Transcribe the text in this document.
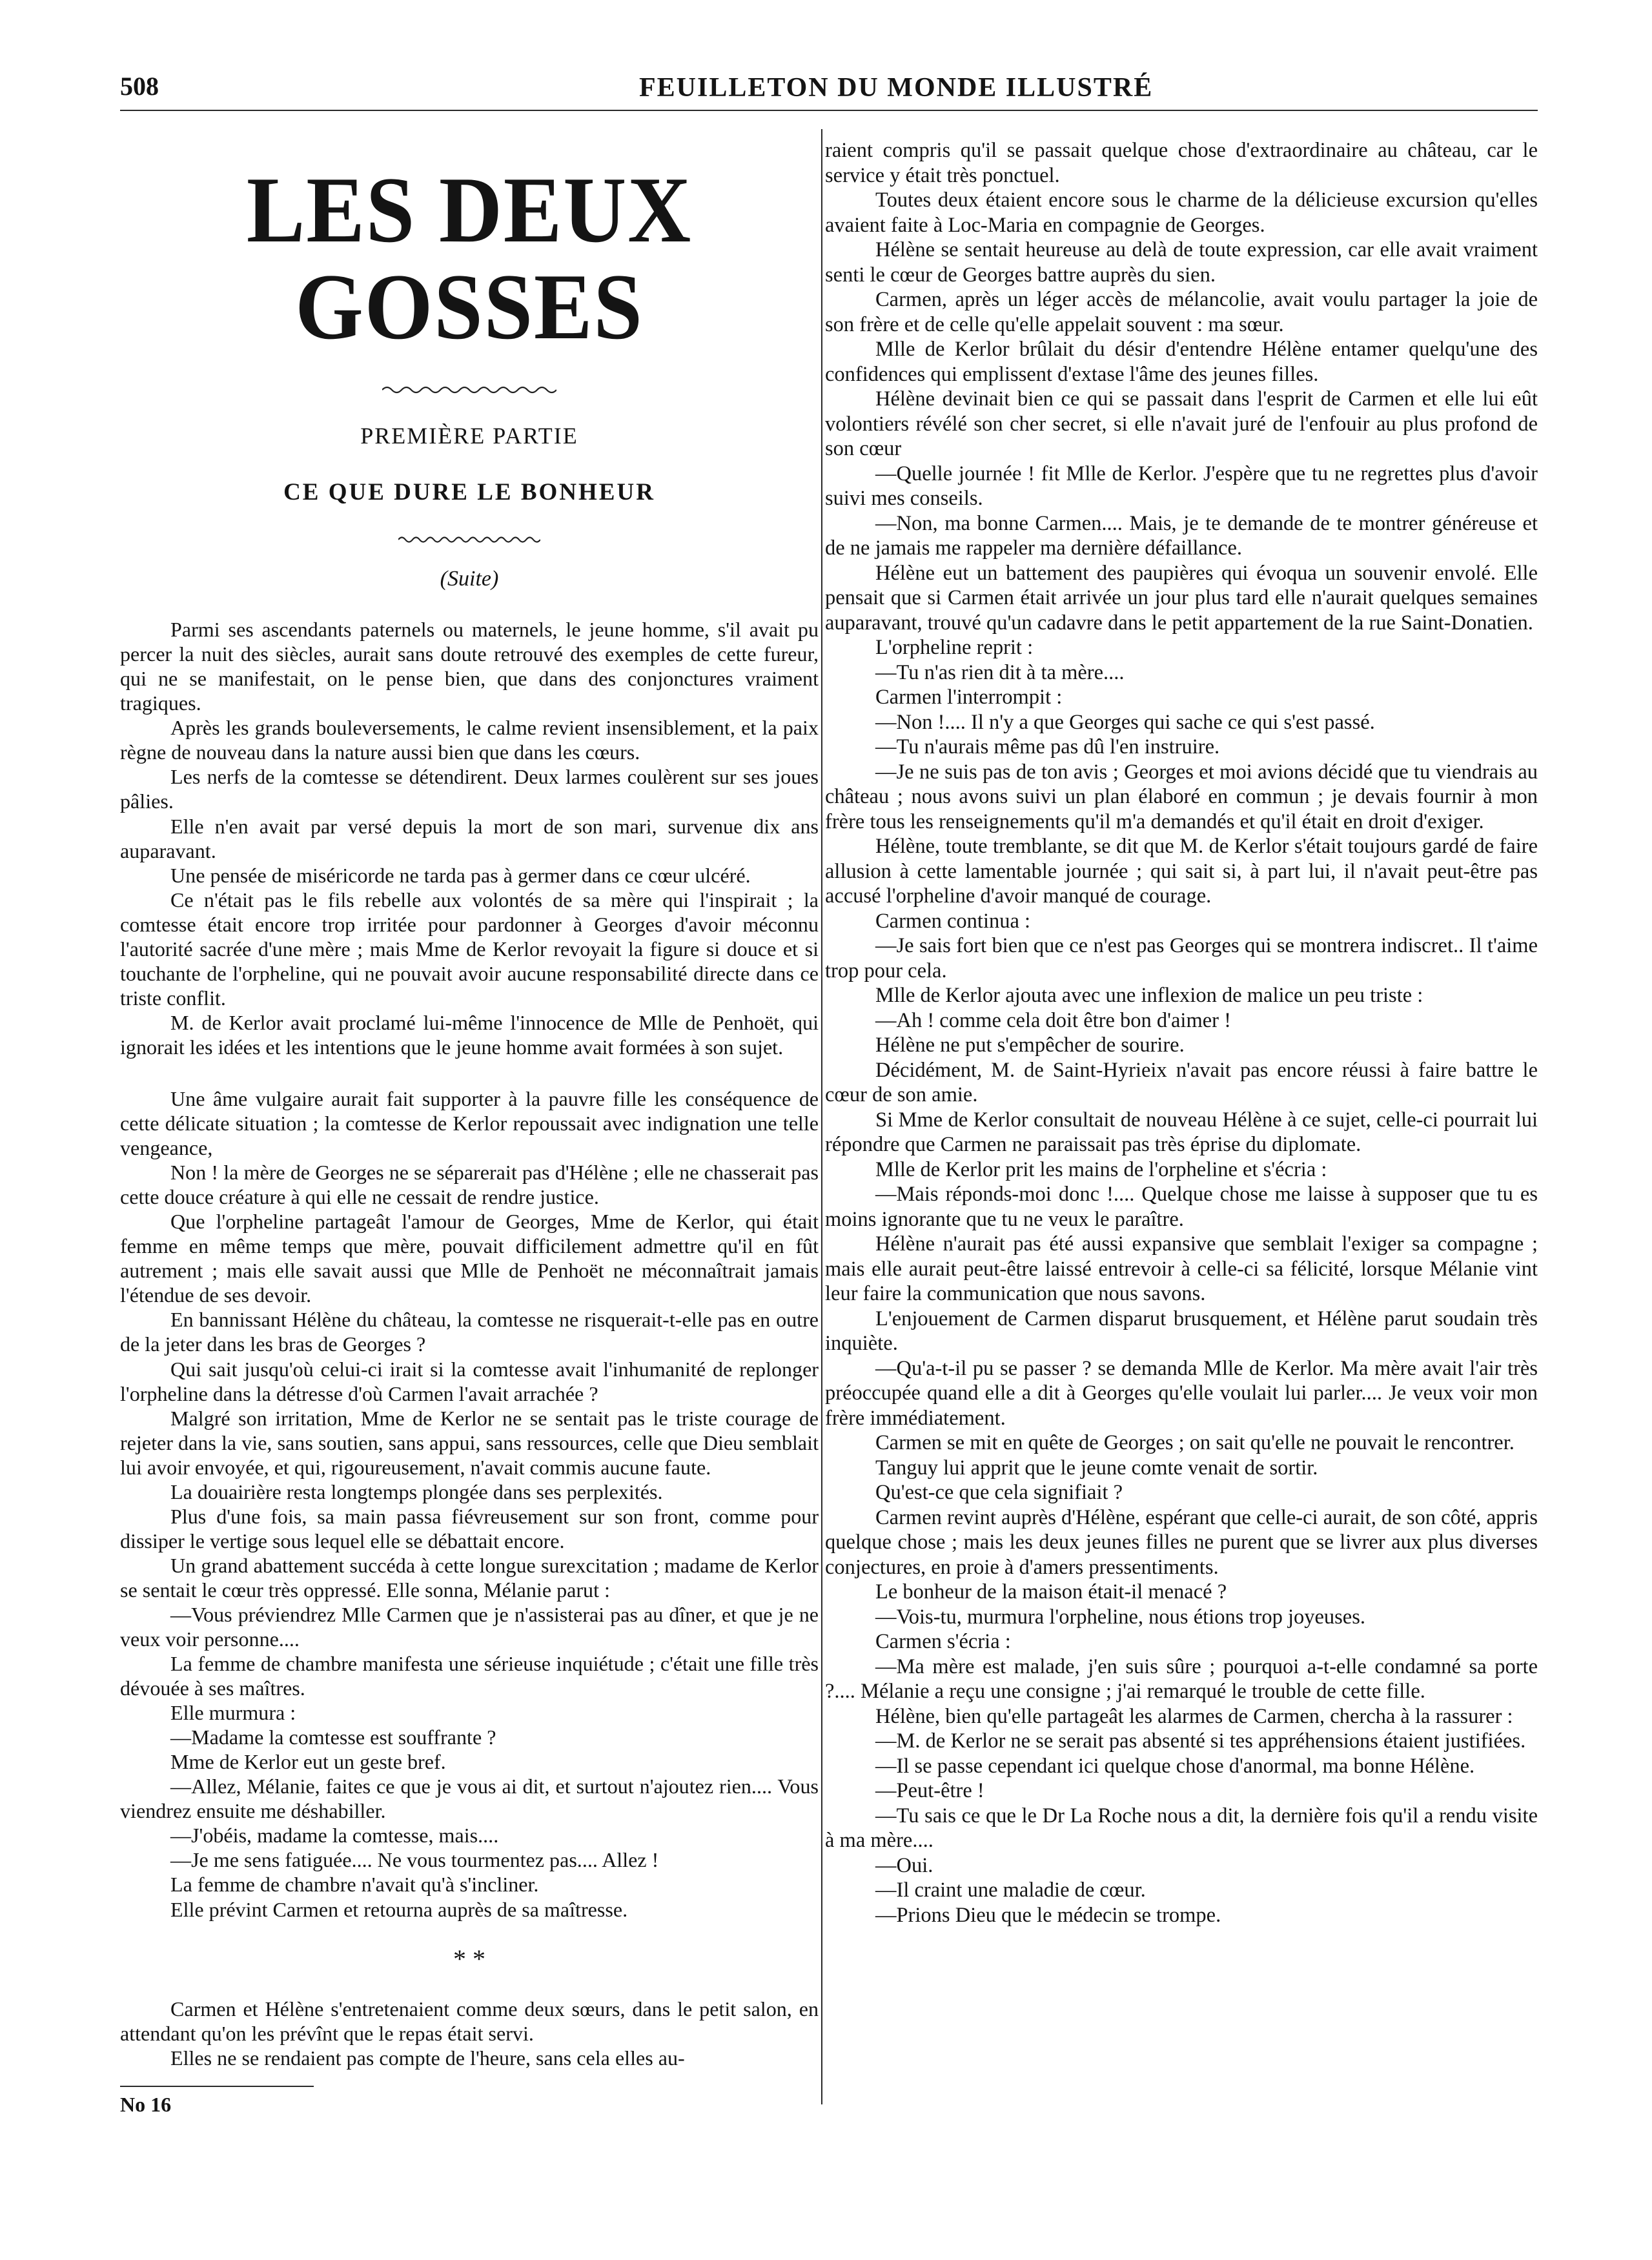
508	FEUILLETON DU MONDE ILLUSTRÉ
LES DEUX GOSSES
PREMIÈRE PARTIE
CE QUE DURE LE BONHEUR
(Suite)

Parmi ses ascendants paternels ou maternels, le jeune homme, s'il avait pu percer la nuit des siècles, aurait sans doute retrouvé des exemples de cette fureur, qui ne se manifestait, on le pense bien, que dans des conjonctures vraiment tragiques.

Après les grands bouleversements, le calme revient insensiblement, et la paix règne de nouveau dans la nature aussi bien que dans les cœurs.

Les nerfs de la comtesse se détendirent. Deux larmes coulèrent sur ses joues pâlies.

Elle n'en avait par versé depuis la mort de son mari, survenue dix ans auparavant.

Une pensée de miséricorde ne tarda pas à germer dans ce cœur ulcéré.

Ce n'était pas le fils rebelle aux volontés de sa mère qui l'inspirait ; la comtesse était encore trop irritée pour pardonner à Georges d'avoir méconnu l'autorité sacrée d'une mère ; mais Mme de Kerlor revoyait la figure si douce et si touchante de l'orpheline, qui ne pouvait avoir aucune responsabilité directe dans ce triste conflit.

M. de Kerlor avait proclamé lui-même l'innocence de Mlle de Penhoët, qui ignorait les idées et les intentions que le jeune homme avait formées à son sujet.

Une âme vulgaire aurait fait supporter à la pauvre fille les conséquence de cette délicate situation ; la comtesse de Kerlor repoussait avec indignation une telle vengeance,

Non ! la mère de Georges ne se séparerait pas d'Hélène ; elle ne chasserait pas cette douce créature à qui elle ne cessait de rendre justice.

Que l'orpheline partageât l'amour de Georges, Mme de Kerlor, qui était femme en même temps que mère, pouvait difficilement admettre qu'il en fût autrement ; mais elle savait aussi que Mlle de Penhoët ne méconnaîtrait jamais l'étendue de ses devoir.

En bannissant Hélène du château, la comtesse ne risquerait-t-elle pas en outre de la jeter dans les bras de Georges ?

Qui sait jusqu'où celui-ci irait si la comtesse avait l'inhumanité de replonger l'orpheline dans la détresse d'où Carmen l'avait arrachée ?

Malgré son irritation, Mme de Kerlor ne se sentait pas le triste courage de rejeter dans la vie, sans soutien, sans appui, sans ressources, celle que Dieu semblait lui avoir envoyée, et qui, rigoureusement, n'avait commis aucune faute.

La douairière resta longtemps plongée dans ses perplexités.

Plus d'une fois, sa main passa fiévreusement sur son front, comme pour dissiper le vertige sous lequel elle se débattait encore.

Un grand abattement succéda à cette longue surexcitation ; madame de Kerlor se sentait le cœur très oppressé. Elle sonna, Mélanie parut :

—Vous préviendrez Mlle Carmen que je n'assisterai pas au dîner, et que je ne veux voir personne....

La femme de chambre manifesta une sérieuse inquiétude ; c'était une fille très dévouée à ses maîtres.

Elle murmura :

—Madame la comtesse est souffrante ?

Mme de Kerlor eut un geste bref.

—Allez, Mélanie, faites ce que je vous ai dit, et surtout n'ajoutez rien.... Vous viendrez ensuite me déshabiller.

—J'obéis, madame la comtesse, mais....

—Je me sens fatiguée.... Ne vous tourmentez pas.... Allez !

La femme de chambre n'avait qu'à s'incliner.

Elle prévint Carmen et retourna auprès de sa maîtresse.

* *

Carmen et Hélène s'entretenaient comme deux sœurs, dans le petit salon, en attendant qu'on les prévînt que le repas était servi.

Elles ne se rendaient pas compte de l'heure, sans cela elles au-

No 16

raient compris qu'il se passait quelque chose d'extraordinaire au château, car le service y était très ponctuel.

Toutes deux étaient encore sous le charme de la délicieuse excursion qu'elles avaient faite à Loc-Maria en compagnie de Georges.

Hélène se sentait heureuse au delà de toute expression, car elle avait vraiment senti le cœur de Georges battre auprès du sien.

Carmen, après un léger accès de mélancolie, avait voulu partager la joie de son frère et de celle qu'elle appelait souvent : ma sœur.

Mlle de Kerlor brûlait du désir d'entendre Hélène entamer quelqu'une des confidences qui emplissent d'extase l'âme des jeunes filles.

Hélène devinait bien ce qui se passait dans l'esprit de Carmen et elle lui eût volontiers révélé son cher secret, si elle n'avait juré de l'enfouir au plus profond de son cœur

—Quelle journée ! fit Mlle de Kerlor. J'espère que tu ne regrettes plus d'avoir suivi mes conseils.

—Non, ma bonne Carmen.... Mais, je te demande de te montrer généreuse et de ne jamais me rappeler ma dernière défaillance.

Hélène eut un battement des paupières qui évoqua un souvenir envolé. Elle pensait que si Carmen était arrivée un jour plus tard elle n'aurait quelques semaines auparavant, trouvé qu'un cadavre dans le petit appartement de la rue Saint-Donatien.

L'orpheline reprit :

—Tu n'as rien dit à ta mère....

Carmen l'interrompit :

—Non !.... Il n'y a que Georges qui sache ce qui s'est passé.

—Tu n'aurais même pas dû l'en instruire.

—Je ne suis pas de ton avis ; Georges et moi avions décidé que tu viendrais au château ; nous avons suivi un plan élaboré en commun ; je devais fournir à mon frère tous les renseignements qu'il m'a demandés et qu'il était en droit d'exiger.

Hélène, toute tremblante, se dit que M. de Kerlor s'était toujours gardé de faire allusion à cette lamentable journée ; qui sait si, à part lui, il n'avait peut-être pas accusé l'orpheline d'avoir manqué de courage.

Carmen continua :

—Je sais fort bien que ce n'est pas Georges qui se montrera indiscret.. Il t'aime trop pour cela.

Mlle de Kerlor ajouta avec une inflexion de malice un peu triste :

—Ah ! comme cela doit être bon d'aimer !

Hélène ne put s'empêcher de sourire.

Décidément, M. de Saint-Hyrieix n'avait pas encore réussi à faire battre le cœur de son amie.

Si Mme de Kerlor consultait de nouveau Hélène à ce sujet, celle-ci pourrait lui répondre que Carmen ne paraissait pas très éprise du diplomate.

Mlle de Kerlor prit les mains de l'orpheline et s'écria :

—Mais réponds-moi donc !.... Quelque chose me laisse à supposer que tu es moins ignorante que tu ne veux le paraître.

Hélène n'aurait pas été aussi expansive que semblait l'exiger sa compagne ; mais elle aurait peut-être laissé entrevoir à celle-ci sa félicité, lorsque Mélanie vint leur faire la communication que nous savons.

L'enjouement de Carmen disparut brusquement, et Hélène parut soudain très inquiète.

—Qu'a-t-il pu se passer ? se demanda Mlle de Kerlor. Ma mère avait l'air très préoccupée quand elle a dit à Georges qu'elle voulait lui parler.... Je veux voir mon frère immédiatement.

Carmen se mit en quête de Georges ; on sait qu'elle ne pouvait le rencontrer.

Tanguy lui apprit que le jeune comte venait de sortir.

Qu'est-ce que cela signifiait ?

Carmen revint auprès d'Hélène, espérant que celle-ci aurait, de son côté, appris quelque chose ; mais les deux jeunes filles ne purent que se livrer aux plus diverses conjectures, en proie à d'amers pressentiments.

Le bonheur de la maison était-il menacé ?

—Vois-tu, murmura l'orpheline, nous étions trop joyeuses.

Carmen s'écria :

—Ma mère est malade, j'en suis sûre ; pourquoi a-t-elle condamné sa porte ?.... Mélanie a reçu une consigne ; j'ai remarqué le trouble de cette fille.

Hélène, bien qu'elle partageât les alarmes de Carmen, chercha à la rassurer :

—M. de Kerlor ne se serait pas absenté si tes appréhensions étaient justifiées.

—Il se passe cependant ici quelque chose d'anormal, ma bonne Hélène.

—Peut-être !

—Tu sais ce que le Dr La Roche nous a dit, la dernière fois qu'il a rendu visite à ma mère....

—Oui.

—Il craint une maladie de cœur.

—Prions Dieu que le médecin se trompe.
